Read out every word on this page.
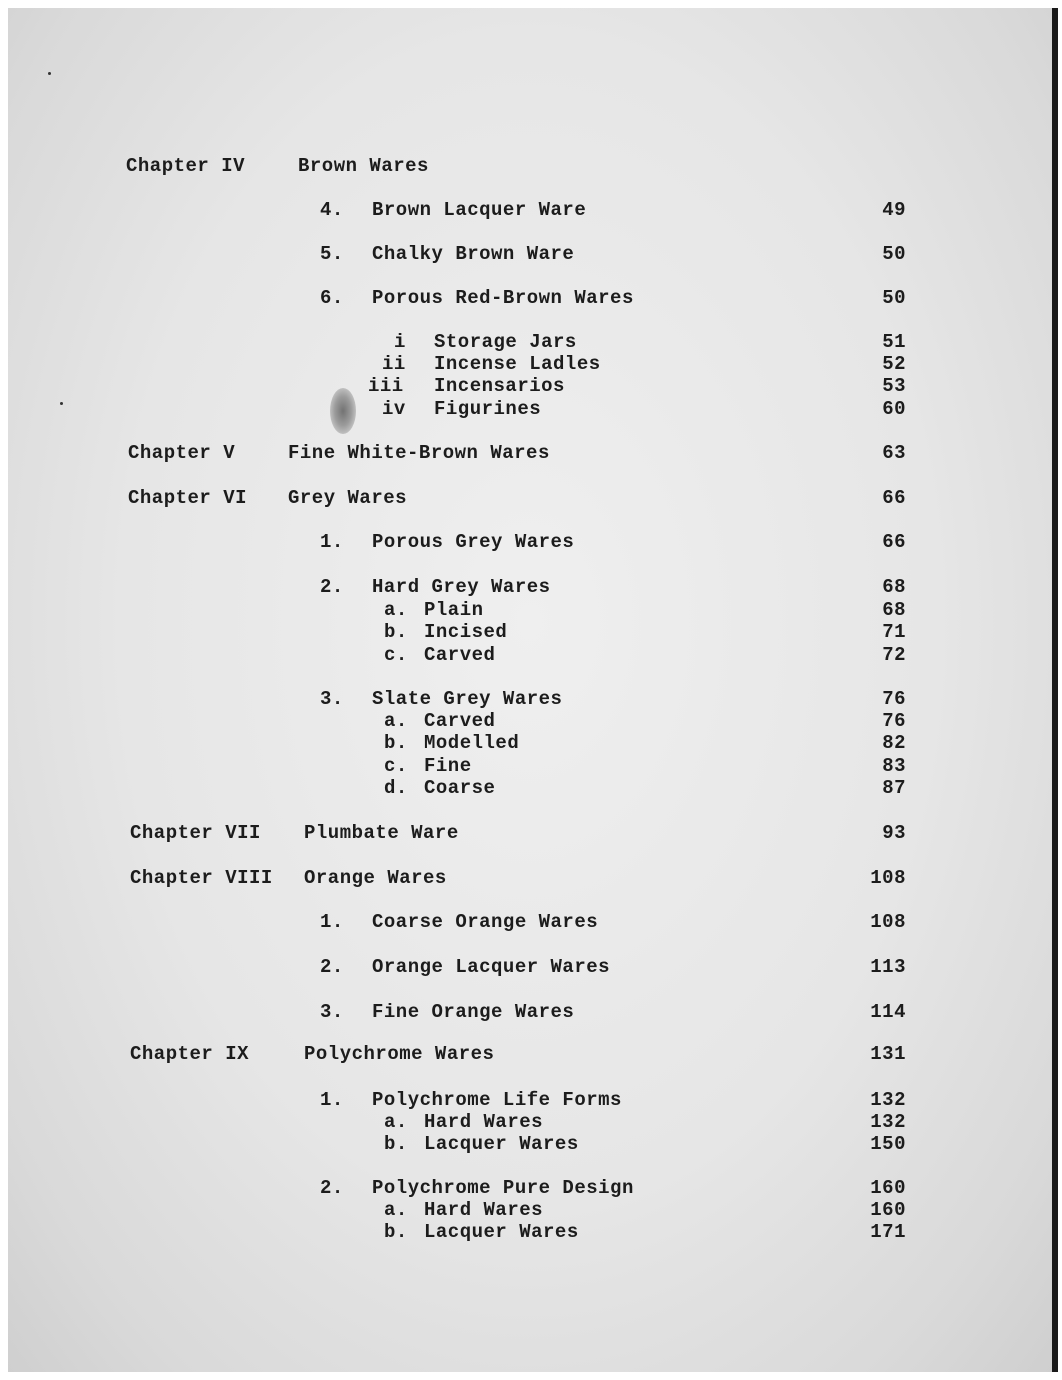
Chapter IV	Brown Wares
4. Brown Lacquer Ware	49
5. Chalky Brown Ware	50
6. Porous Red-Brown Wares	50
i Storage Jars	51
ii Incense Ladles	52
iii Incensarios	53
iv Figurines	60
Chapter V	Fine White-Brown Wares	63
Chapter VI Grey Wares	66
1. Porous Grey Wares	66
2. Hard Grey Wares	68
a. Plain	68
b. Incised	71
c. Carved	72
3. Slate Grey Wares	76
a. Carved	76
b. Modelled	82
c. Fine	83
d. Coarse	87
Chapter VII Plumbate Ware	93
Chapter VIII Orange Wares	108
1. Coarse Orange Wares	108
2. Orange Lacquer Wares	113
3. Fine Orange Wares	114
Chapter IX	Polychrome Wares	131
1. Polychrome Life Forms	132
a. Hard Wares	132
b. Lacquer Wares	150
2. Polychrome Pure Design	160
a. Hard Wares	160
b. Lacquer Wares	171
